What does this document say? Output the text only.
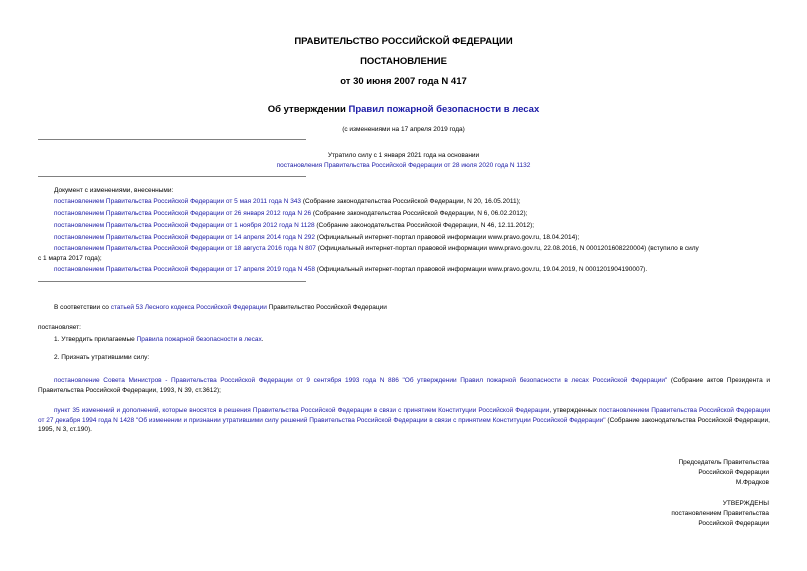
ПРАВИТЕЛЬСТВО РОССИЙСКОЙ ФЕДЕРАЦИИ
ПОСТАНОВЛЕНИЕ
от 30 июня 2007 года N 417
Об утверждении Правил пожарной безопасности в лесах
(с изменениями на 17 апреля 2019 года)
Утратило силу с 1 января 2021 года на основании
постановления Правительства Российской Федерации от 28 июля 2020 года N 1132
Документ с изменениями, внесенными:
постановлением Правительства Российской Федерации от 5 мая 2011 года N 343 (Собрание законодательства Российской Федерации, N 20, 16.05.2011);
постановлением Правительства Российской Федерации от 26 января 2012 года N 26 (Собрание законодательства Российской Федерации, N 6, 06.02.2012);
постановлением Правительства Российской Федерации от 1 ноября 2012 года N 1128 (Собрание законодательства Российской Федерации, N 46, 12.11.2012);
постановлением Правительства Российской Федерации от 14 апреля 2014 года N 292 (Официальный интернет-портал правовой информации www.pravo.gov.ru, 18.04.2014);
постановлением Правительства Российской Федерации от 18 августа 2016 года N 807 (Официальный интернет-портал правовой информации www.pravo.gov.ru, 22.08.2016, N 0001201608220004) (вступило в силу
с 1 марта 2017 года);
постановлением Правительства Российской Федерации от 17 апреля 2019 года N 458 (Официальный интернет-портал правовой информации www.pravo.gov.ru, 19.04.2019, N 0001201904190007).
В соответствии со статьей 53 Лесного кодекса Российской Федерации Правительство Российской Федерации
постановляет:
1. Утвердить прилагаемые Правила пожарной безопасности в лесах.
2. Признать утратившими силу:
постановление Совета Министров - Правительства Российской Федерации от 9 сентября 1993 года N 886 "Об утверждении Правил пожарной безопасности в лесах Российской Федерации" (Собрание актов Президента и Правительства Российской Федерации, 1993, N 39, ст.3612);
пункт 35 изменений и дополнений, которые вносятся в решения Правительства Российской Федерации в связи с принятием Конституции Российской Федерации, утвержденных постановлением Правительства Российской Федерации от 27 декабря 1994 года N 1428 "Об изменении и признании утратившими силу решений Правительства Российской Федерации в связи с принятием Конституции Российской Федерации" (Собрание законодательства Российской Федерации, 1995, N 3, ст.190).
Председатель Правительства
Российской Федерации
М.Фрадков
УТВЕРЖДЕНЫ
постановлением Правительства
Российской Федерации
